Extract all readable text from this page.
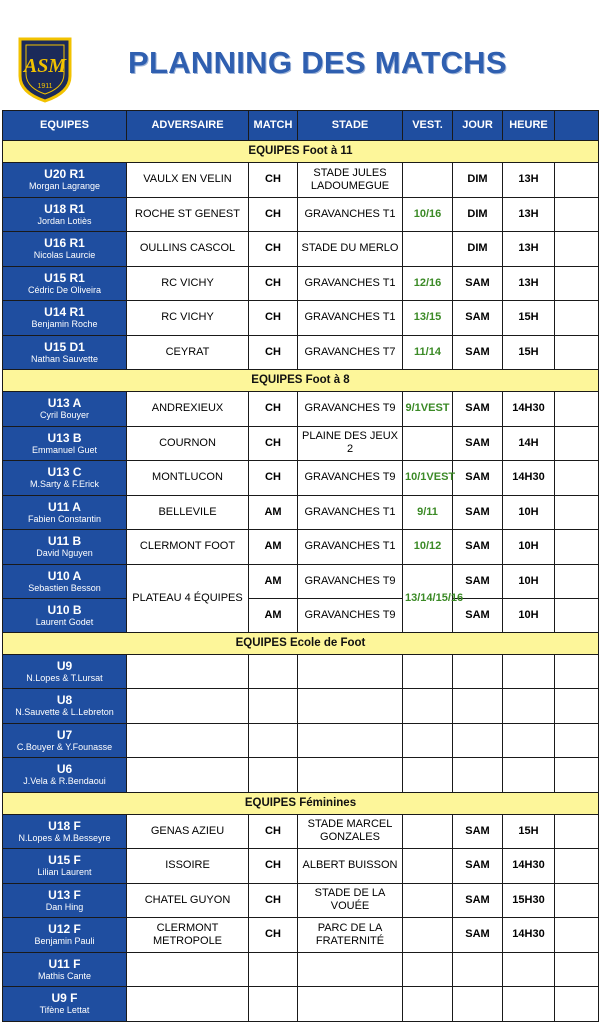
ASM
1911
PLANNING DES MATCHS
EQUIPES	ADVERSAIRE	MATCH	STADE	VEST.	JOUR	HEURE	
EQUIPES Foot à 11							

U20 R1
Morgan Lagrange	VAULX EN VELIN	CH	STADE JULES LADOUMEGUE		DIM	13H	

U18 R1
Jordan Lotiès	ROCHE ST GENEST	CH	GRAVANCHES T1	10/16	DIM	13H	

U16 R1
Nicolas Laurcie	OULLINS CASCOL	CH	STADE DU MERLO		DIM	13H	

U15 R1
Cédric De Oliveira	RC VICHY	CH	GRAVANCHES T1	12/16	SAM	13H	

U14 R1
Benjamin Roche	RC VICHY	CH	GRAVANCHES T1	13/15	SAM	15H	

U15 D1
Nathan Sauvette	CEYRAT	CH	GRAVANCHES T7	11/14	SAM	15H	
EQUIPES Foot à 8							

U13 A
Cyril Bouyer	ANDREXIEUX	CH	GRAVANCHES T9	9/1VEST	SAM	14H30	

U13 B
Emmanuel Guet	COURNON	CH	PLAINE DES JEUX 2		SAM	14H	

U13 C
M.Sarty & F.Erick	MONTLUCON	CH	GRAVANCHES T9	10/1VEST	SAM	14H30	

U11 A
Fabien Constantin	BELLEVILE	AM	GRAVANCHES T1	9/11	SAM	10H	

U11 B
David Nguyen	CLERMONT FOOT	AM	GRAVANCHES T1	10/12	SAM	10H	

U10 A
Sebastien Besson	PLATEAU 4 ÉQUIPES	AM	GRAVANCHES T9	13/14/15/16	SAM	10H	

U10 B
Laurent Godet		AM	GRAVANCHES T9		SAM	10H	
EQUIPES Ecole de Foot							

U9
N.Lopes & T.Lursat							

U8
N.Sauvette & L.Lebreton							

U7
C.Bouyer & Y.Founasse							

U6
J.Vela & R.Bendaoui							

EQUIPES Féminines							

U18 F
N.Lopes & M.Besseyre	GENAS AZIEU	CH	STADE MARCEL GONZALES		SAM	15H	

U15 F
Lilian Laurent	ISSOIRE	CH	ALBERT BUISSON		SAM	14H30	

U13 F
Dan Hing	CHATEL GUYON	CH	STADE DE LA VOUÉE		SAM	15H30	

U12 F
Benjamin Pauli	CLERMONT METROPOLE	CH	PARC DE LA FRATERNITÉ		SAM	14H30	

U11 F
Mathis Cante							

U9 F
Tifène Lettat							
